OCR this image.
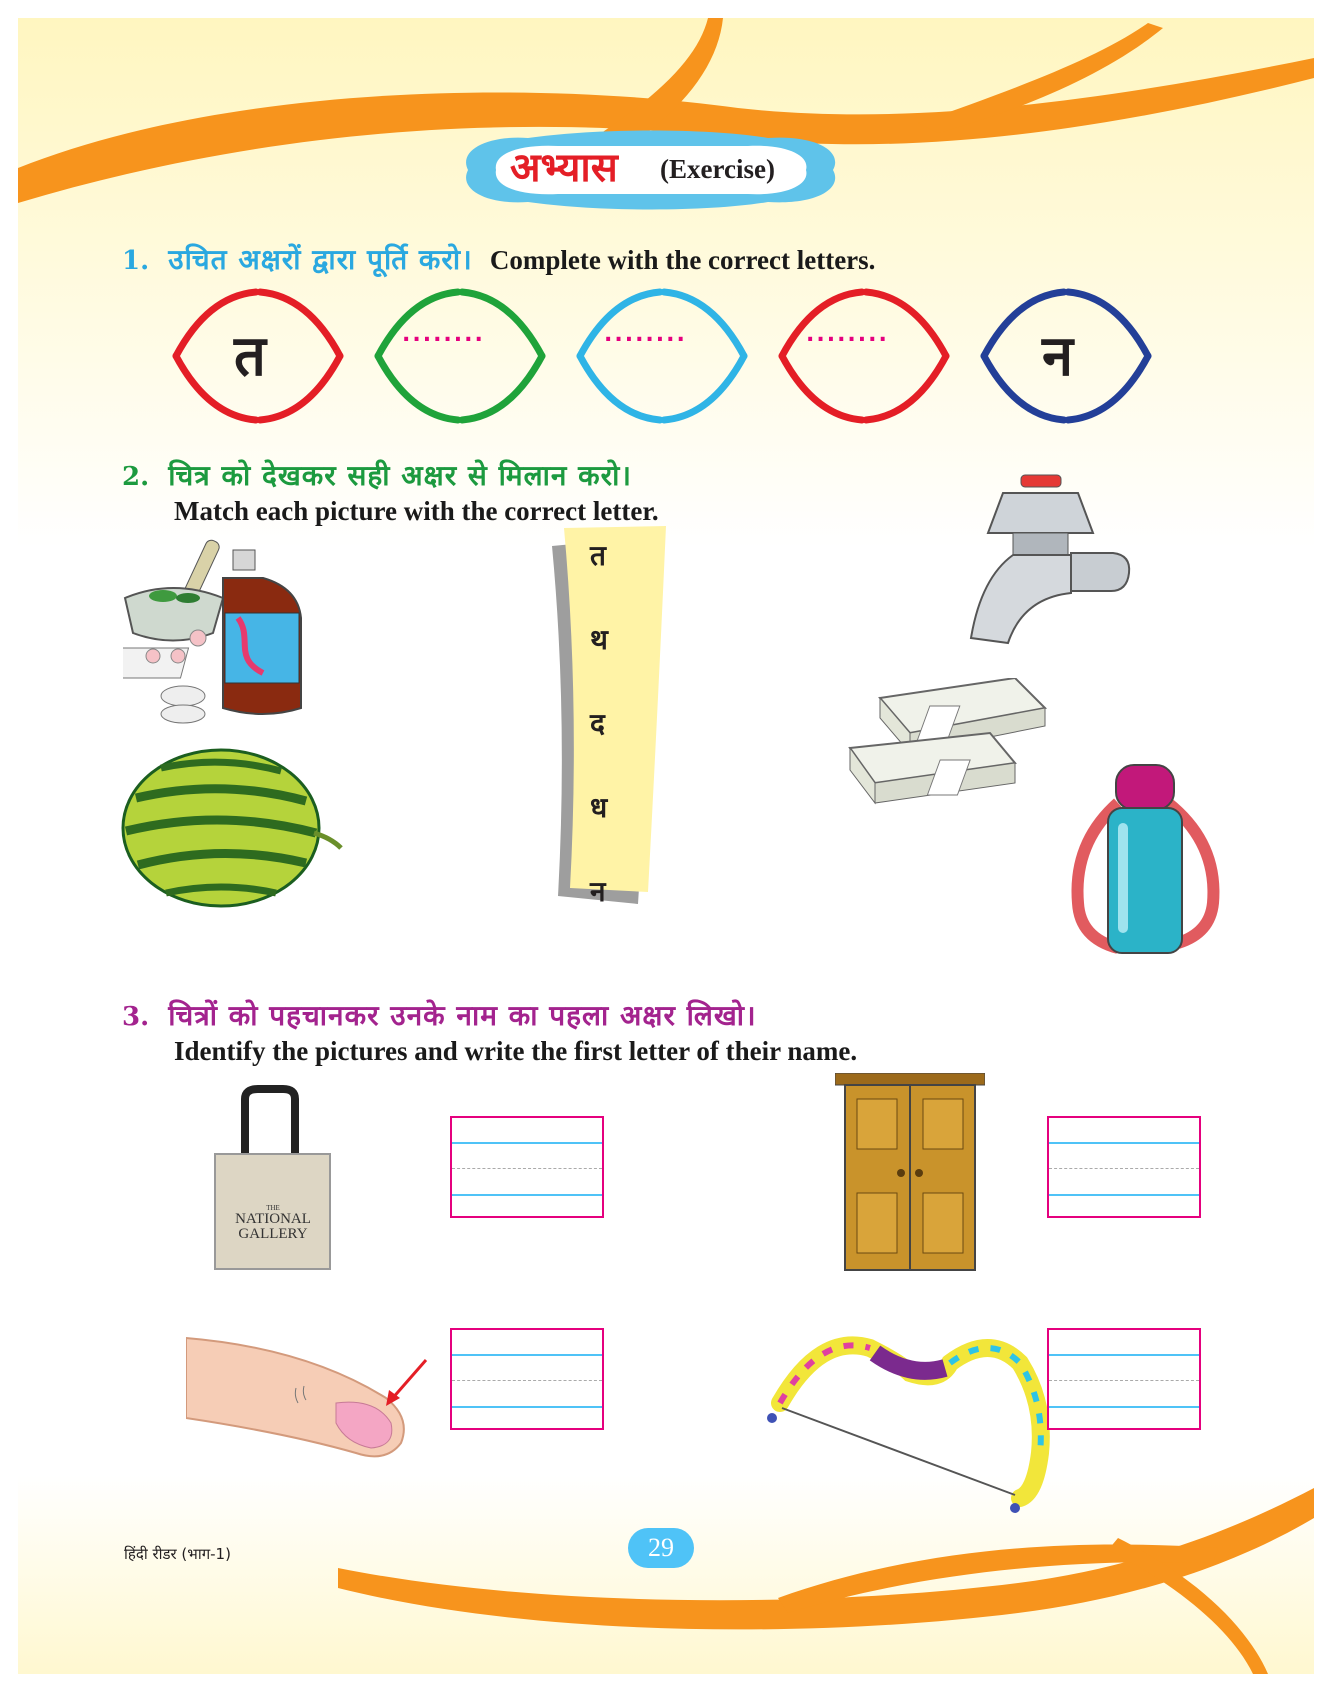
अभ्यास (Exercise)
1. उचित अक्षरों द्वारा पूर्ति करो। Complete with the correct letters.
त	........	........	........	न
2. चित्र को देखकर सही अक्षर से मिलान करो।
Match each picture with the correct letter.
त
थ
द
ध
न
3. चित्रों को पहचानकर उनके नाम का पहला अक्षर लिखो।
Identify the pictures and write the first letter of their name.
THE
NATIONAL
GALLERY
हिंदी रीडर (भाग-1)	29
